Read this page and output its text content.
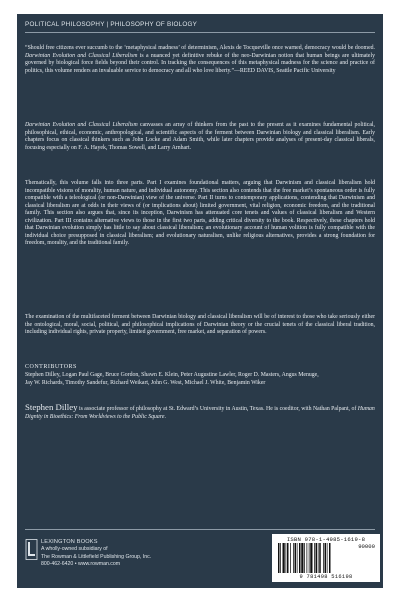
POLITICAL PHILOSOPHY | PHILOSOPHY OF BIOLOGY

“Should free citizens ever succumb to the ‘metaphysical madness’ of determinism, Alexis de Tocqueville once warned, democracy would be doomed. Darwinian Evolution and Classical Liberalism is a nuanced yet definitive rebuke of the neo-Darwinian notion that human beings are ultimately governed by biological force fields beyond their control. In tracking the consequences of this metaphysical madness for the science and practice of politics, this volume renders an invaluable service to democracy and all who love liberty.”—REED DAVIS, Seattle Pacific University

Darwinian Evolution and Classical Liberalism canvasses an array of thinkers from the past to the present as it examines fundamental political, philosophical, ethical, economic, anthropological, and scientific aspects of the ferment between Darwinian biology and classical liberalism. Early chapters focus on classical thinkers such as John Locke and Adam Smith, while later chapters provide analyses of present-day classical liberals, focusing especially on F. A. Hayek, Thomas Sowell, and Larry Arnhart.

Thematically, this volume falls into three parts. Part I examines foundational matters, arguing that Darwinism and classical liberalism hold incompatible visions of morality, human nature, and individual autonomy. This section also contends that the free market’s spontaneous order is fully compatible with a teleological (or non-Darwinian) view of the universe. Part II turns to contemporary applications, contending that Darwinism and classical liberalism are at odds in their views of (or implications about) limited government, vital religion, economic freedom, and the traditional family. This section also argues that, since its inception, Darwinism has attenuated core tenets and values of classical liberalism and Western civilization. Part III contains alternative views to those in the first two parts, adding critical diversity to the book. Respectively, these chapters hold that Darwinian evolution simply has little to say about classical liberalism; an evolutionary account of human volition is fully compatible with the individual choice presupposed in classical liberalism; and evolutionary naturalism, unlike religious alternatives, provides a strong foundation for freedom, morality, and the traditional family.

The examination of the multifaceted ferment between Darwinian biology and classical liberalism will be of interest to those who take seriously either the ontological, moral, social, political, and philosophical implications of Darwinian theory or the crucial tenets of the classical liberal tradition, including individual rights, private property, limited government, free market, and separation of powers.

CONTRIBUTORS
Stephen Dilley, Logan Paul Gage, Bruce Gordon, Shawn E. Klein, Peter Augustine Lawler, Roger D. Masters, Angus Menuge, Jay W. Richards, Timothy Sandefur, Richard Weikart, John G. West, Michael J. White, Benjamin Wiker
Stephen Dilley is associate professor of philosophy at St. Edward’s University in Austin, Texas. He is coeditor, with Nathan Palpant, of Human Dignity in Bioethics: From Worldviews to the Public Square.
LEXINGTON BOOKS
A wholly-owned subsidiary of
The Rowman & Littlefield Publishing Group, Inc.
800-462-6420 • www.rowman.com
ISBN 978-1-4985-1619-8
90000
9 781498 516198
